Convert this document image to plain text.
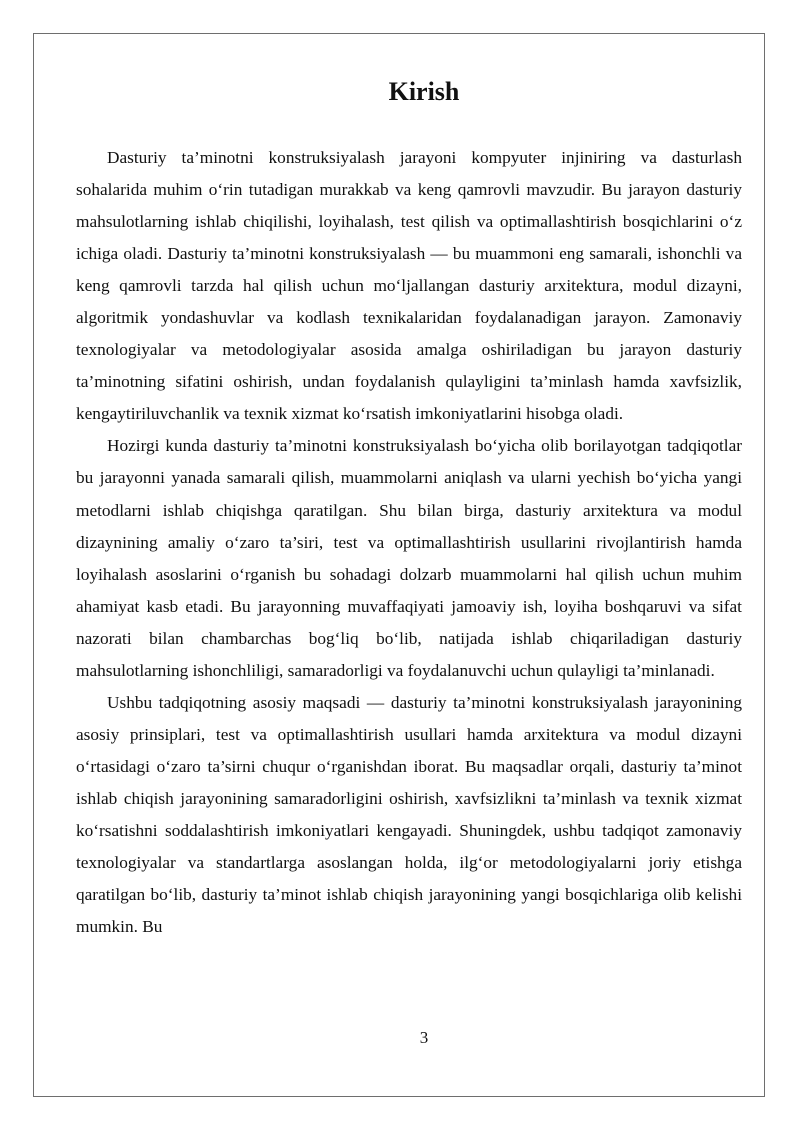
Kirish

Dasturiy ta’minotni konstruksiyalash jarayoni kompyuter injiniring va dasturlash sohalarida muhim o‘rin tutadigan murakkab va keng qamrovli mavzudir. Bu jarayon dasturiy mahsulotlarning ishlab chiqilishi, loyihalash, test qilish va optimallashtirish bosqichlarini o‘z ichiga oladi. Dasturiy ta’minotni konstruksiyalash — bu muammoni eng samarali, ishonchli va keng qamrovli tarzda hal qilish uchun mo‘ljallangan dasturiy arxitektura, modul dizayni, algoritmik yondashuvlar va kodlash texnikalaridan foydalanadigan jarayon. Zamonaviy texnologiyalar va metodologiyalar asosida amalga oshiriladigan bu jarayon dasturiy ta’minotning sifatini oshirish, undan foydalanish qulayligini ta’minlash hamda xavfsizlik, kengaytiriluvchanlik va texnik xizmat ko‘rsatish imkoniyatlarini hisobga oladi.

Hozirgi kunda dasturiy ta’minotni konstruksiyalash bo‘yicha olib borilayotgan tadqiqotlar bu jarayonni yanada samarali qilish, muammolarni aniqlash va ularni yechish bo‘yicha yangi metodlarni ishlab chiqishga qaratilgan. Shu bilan birga, dasturiy arxitektura va modul dizaynining amaliy o‘zaro ta’siri, test va optimallashtirish usullarini rivojlantirish hamda loyihalash asoslarini o‘rganish bu sohadagi dolzarb muammolarni hal qilish uchun muhim ahamiyat kasb etadi. Bu jarayonning muvaffaqiyati jamoaviy ish, loyiha boshqaruvi va sifat nazorati bilan chambarchas bog‘liq bo‘lib, natijada ishlab chiqariladigan dasturiy mahsulotlarning ishonchliligi, samaradorligi va foydalanuvchi uchun qulayligi ta’minlanadi.

Ushbu tadqiqotning asosiy maqsadi — dasturiy ta’minotni konstruksiyalash jarayonining asosiy prinsiplari, test va optimallashtirish usullari hamda arxitektura va modul dizayni o‘rtasidagi o‘zaro ta’sirni chuqur o‘rganishdan iborat. Bu maqsadlar orqali, dasturiy ta’minot ishlab chiqish jarayonining samaradorligini oshirish, xavfsizlikni ta’minlash va texnik xizmat ko‘rsatishni soddalashtirish imkoniyatlari kengayadi. Shuningdek, ushbu tadqiqot zamonaviy texnologiyalar va standartlarga asoslangan holda, ilg‘or metodologiyalarni joriy etishga qaratilgan bo‘lib, dasturiy ta’minot ishlab chiqish jarayonining yangi bosqichlariga olib kelishi mumkin. Bu

3
